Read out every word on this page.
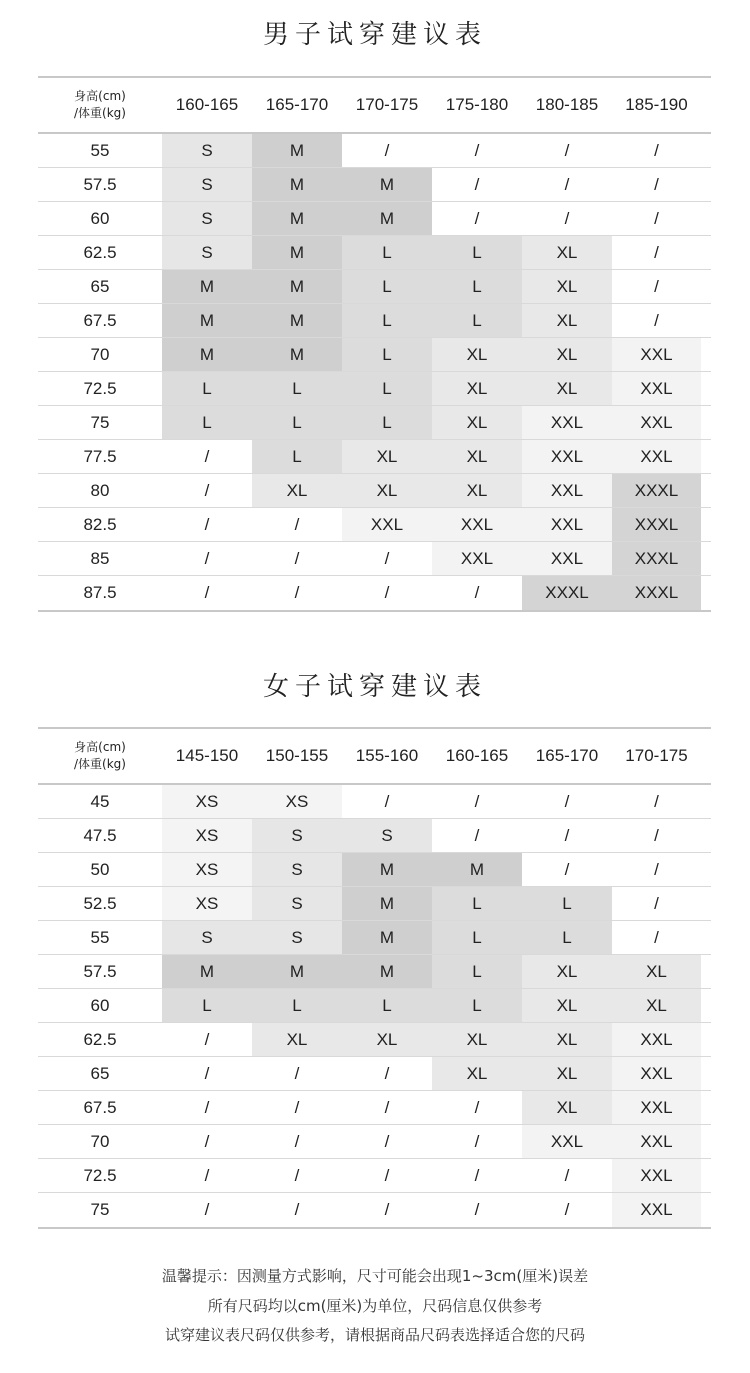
男子试穿建议表
身高(cm)
/体重(kg)	160-165	165-170	170-175	175-180	180-185	185-190
55	S	M	/	/	/	/
57.5	S	M	M	/	/	/
60	S	M	M	/	/	/
62.5	S	M	L	L	XL	/
65	M	M	L	L	XL	/
67.5	M	M	L	L	XL	/
70	M	M	L	XL	XL	XXL
72.5	L	L	L	XL	XL	XXL
75	L	L	L	XL	XXL	XXL
77.5	/	L	XL	XL	XXL	XXL
80	/	XL	XL	XL	XXL	XXXL
82.5	/	/	XXL	XXL	XXL	XXXL
85	/	/	/	XXL	XXL	XXXL
87.5	/	/	/	/	XXXL	XXXL
女子试穿建议表
身高(cm)
/体重(kg)	145-150	150-155	155-160	160-165	165-170	170-175
45	XS	XS	/	/	/	/
47.5	XS	S	S	/	/	/
50	XS	S	M	M	/	/
52.5	XS	S	M	L	L	/
55	S	S	M	L	L	/
57.5	M	M	M	L	XL	XL
60	L	L	L	L	XL	XL
62.5	/	XL	XL	XL	XL	XXL
65	/	/	/	XL	XL	XXL
67.5	/	/	/	/	XL	XXL
70	/	/	/	/	XXL	XXL
72.5	/	/	/	/	/	XXL
75	/	/	/	/	/	XXL
温馨提示：因测量方式影响，尺寸可能会出现1~3cm(厘米)误差
所有尺码均以cm(厘米)为单位，尺码信息仅供参考
试穿建议表尺码仅供参考，请根据商品尺码表选择适合您的尺码
